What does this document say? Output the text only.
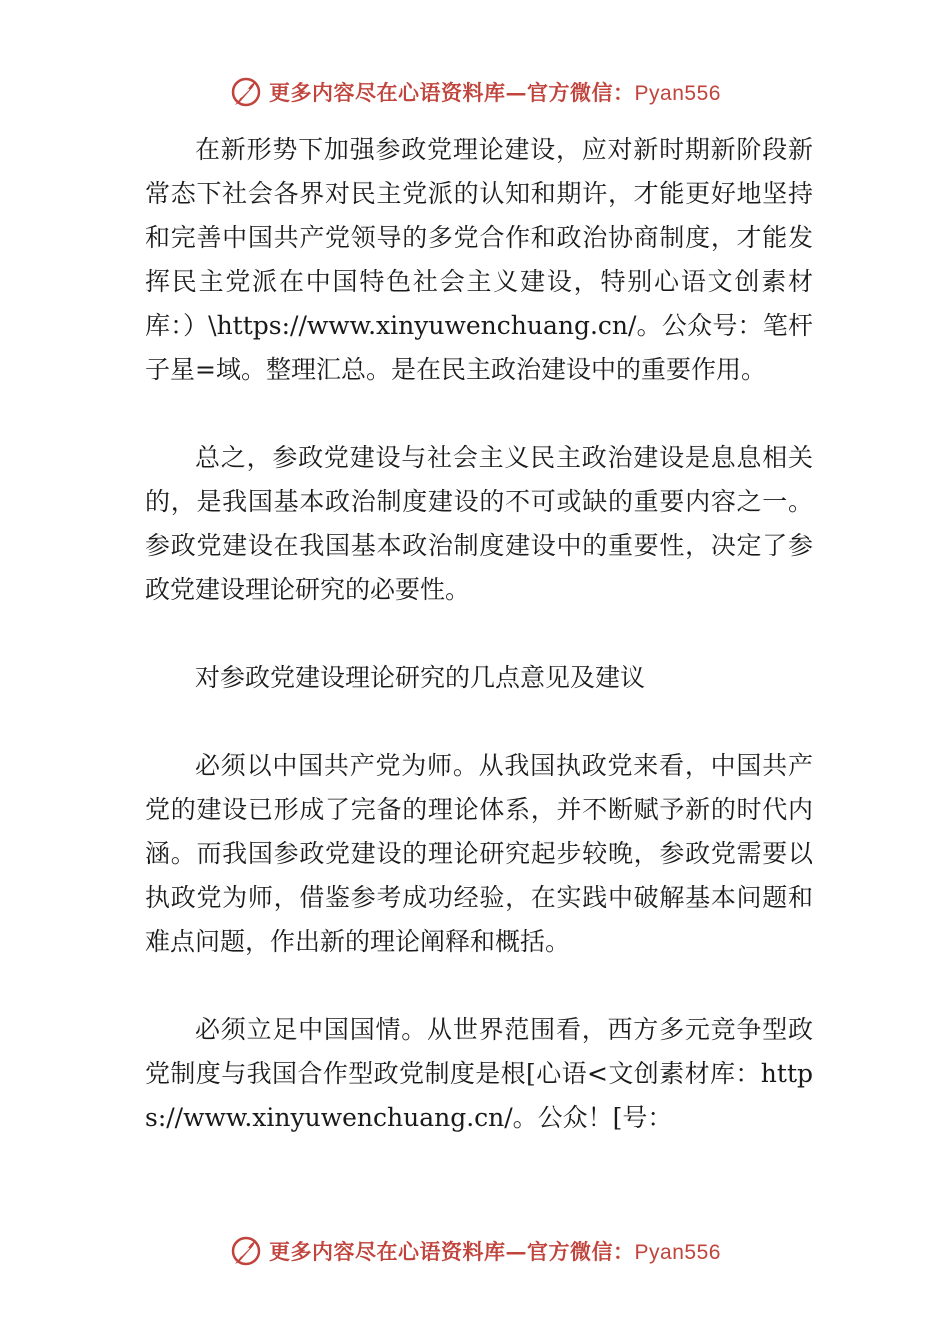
更多内容尽在心语资料库—官方微信：Pyan556

在新形势下加强参政党理论建设，应对新时期新阶段新常态下社会各界对民主党派的认知和期许，才能更好地坚持和完善中国共产党领导的多党合作和政治协商制度，才能发挥民主党派在中国特色社会主义建设，特别心语文创素材库：）\https://www.xinyuwenchuang.cn/。公众号：笔杆子星=域。整理汇总。是在民主政治建设中的重要作用。

总之，参政党建设与社会主义民主政治建设是息息相关的，是我国基本政治制度建设的不可或缺的重要内容之一。参政党建设在我国基本政治制度建设中的重要性，决定了参政党建设理论研究的必要性。

对参政党建设理论研究的几点意见及建议

必须以中国共产党为师。从我国执政党来看，中国共产党的建设已形成了完备的理论体系，并不断赋予新的时代内涵。而我国参政党建设的理论研究起步较晚，参政党需要以执政党为师，借鉴参考成功经验，在实践中破解基本问题和难点问题，作出新的理论阐释和概括。

必须立足中国国情。从世界范围看，西方多元竞争型政党制度与我国合作型政党制度是根[心语<文创素材库：https://www.xinyuwenchuang.cn/。公众！[号：

更多内容尽在心语资料库—官方微信：Pyan556
